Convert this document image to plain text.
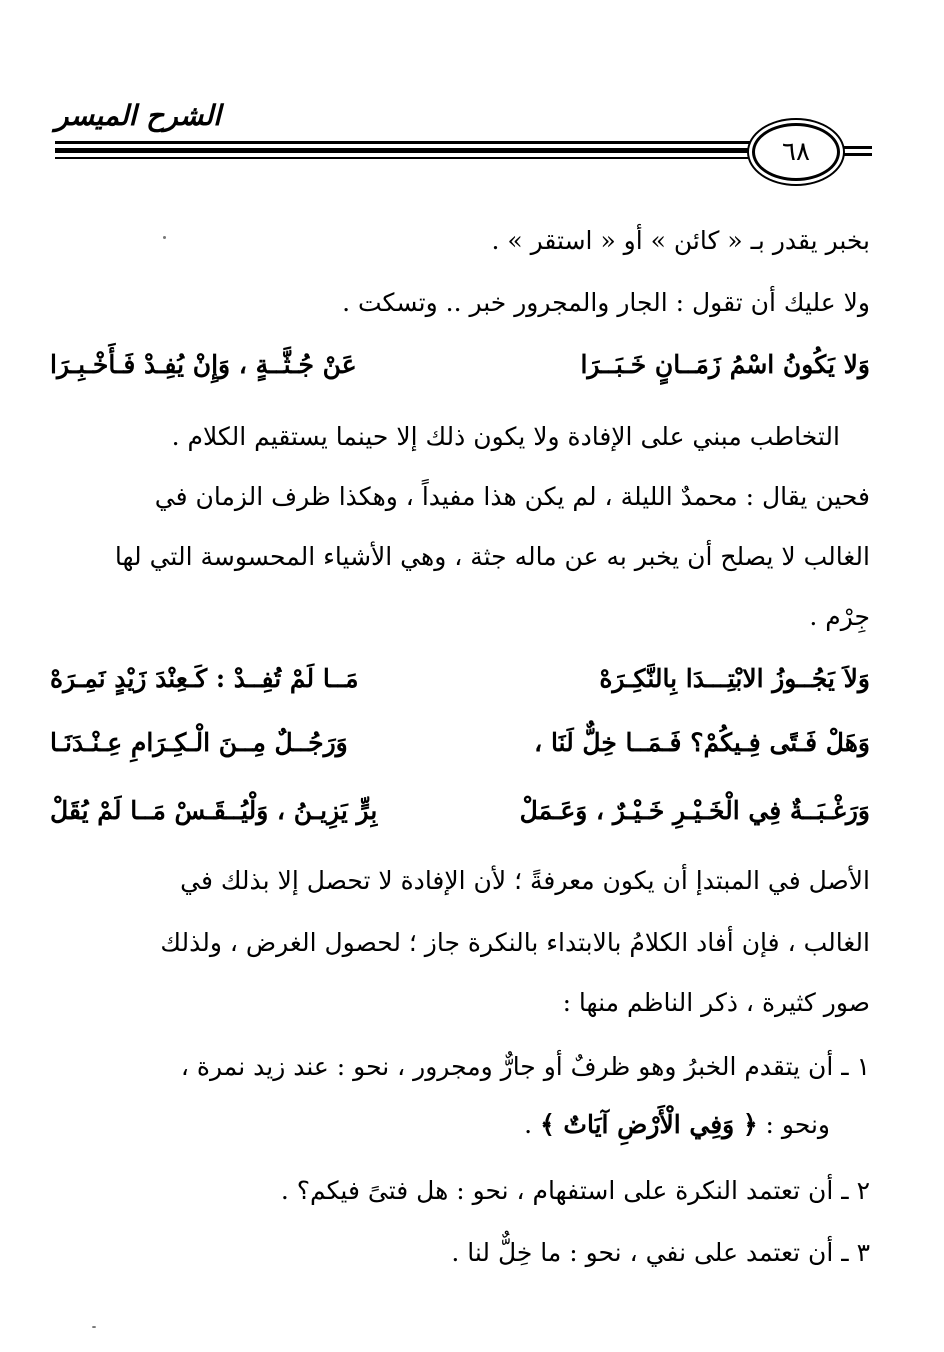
الشرح الميسر
٦٨
بخبر يقدر بـ « كائن » أو « استقر » .
ولا عليك أن تقول : الجار والمجرور خبر .. وتسكت .
وَلا يَكُونُ اسْمُ زَمَــانٍ خَـبَــرَا
عَنْ جُـثَّــةٍ ، وَإِنْ يُفِـدْ فَـأَخْـبِـرَا
التخاطب مبني على الإفادة ولا يكون ذلك إلا حينما يستقيم الكلام .
فحين يقال : محمدٌ الليلة ، لم يكن هذا مفيداً ، وهكذا ظرف الزمان في
الغالب لا يصلح أن يخبر به عن ماله جثة ، وهي الأشياء المحسوسة التي لها
جِرْم .
وَلاَ يَجُــوزُ الابْتِـــدَا بِالنَّكِـرَهْ
مَــا لَمْ تُفِــدْ : كَـعِنْدَ زَيْدٍ نَمِـرَهْ
وَهَلْ فَـتًى فِـيكُمْ؟ فَـمَــا خِلٌّ لَنَا ،
وَرَجُــلٌ مِــنَ الْـكِـرَامِ عِـنْـدَنَـا
وَرَغْـبَــةٌ فِي الْخَـيْـرِ خَـيْـرٌ ، وَعَـمَلْ
بِرٍّ يَزِيـنُ ، وَلْيُــقَـسْ مَــا لَمْ يُقَلْ
الأصل في المبتدإ أن يكون معرفةً ؛ لأن الإفادة لا تحصل إلا بذلك في
الغالب ، فإن أفاد الكلامُ بالابتداء بالنكرة جاز ؛ لحصول الغرض ، ولذلك
صور كثيرة ، ذكر الناظم منها :
١ ـ أن يتقدم الخبرُ وهو ظرفٌ أو جارٌّ ومجرور ، نحو : عند زيد نمرة ،
ونحو : ﴿ وَفِي الْأَرْضِ آيَاتٌ ﴾ .
٢ ـ أن تعتمد النكرة على استفهام ، نحو : هل فتىً فيكم؟ .
٣ ـ أن تعتمد على نفي ، نحو : ما خِلٌّ لنا .
